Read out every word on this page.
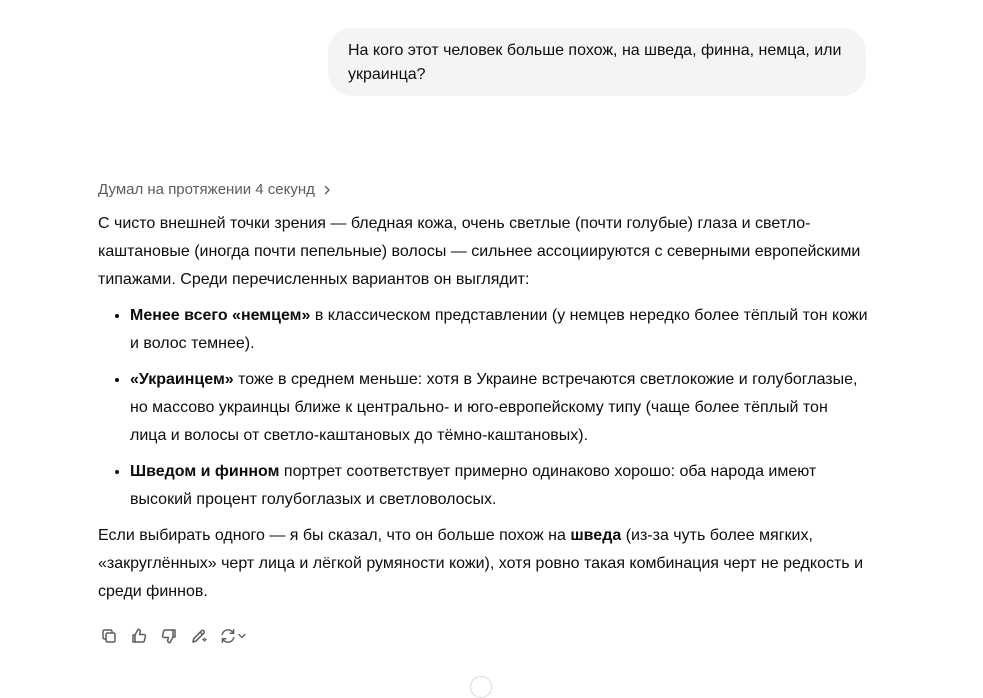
На кого этот человек больше похож, на шведа, финна, немца, или
украинца?
Думал на протяжении 4 секунд

С чисто внешней точки зрения — бледная кожа, очень светлые (почти голубые) глаза и светло-каштановые (иногда почти пепельные) волосы — сильнее ассоциируются с северными европейскими типажами. Среди перечисленных вариантов он выглядит:

• Менее всего «немцем» в классическом представлении (у немцев нередко более тёплый тон кожи и волос темнее).
• «Украинцем» тоже в среднем меньше: хотя в Украине встречаются светлокожие и голубоглазые, но массово украинцы ближе к центрально- и юго-европейскому типу (чаще более тёплый тон лица и волосы от светло-каштановых до тёмно-каштановых).
• Шведом и финном портрет соответствует примерно одинаково хорошо: оба народа имеют высокий процент голубоглазых и светловолосых.

Если выбирать одного — я бы сказал, что он больше похож на шведа (из-за чуть более мягких, «закруглённых» черт лица и лёгкой румяности кожи), хотя ровно такая комбинация черт не редкость и среди финнов.
